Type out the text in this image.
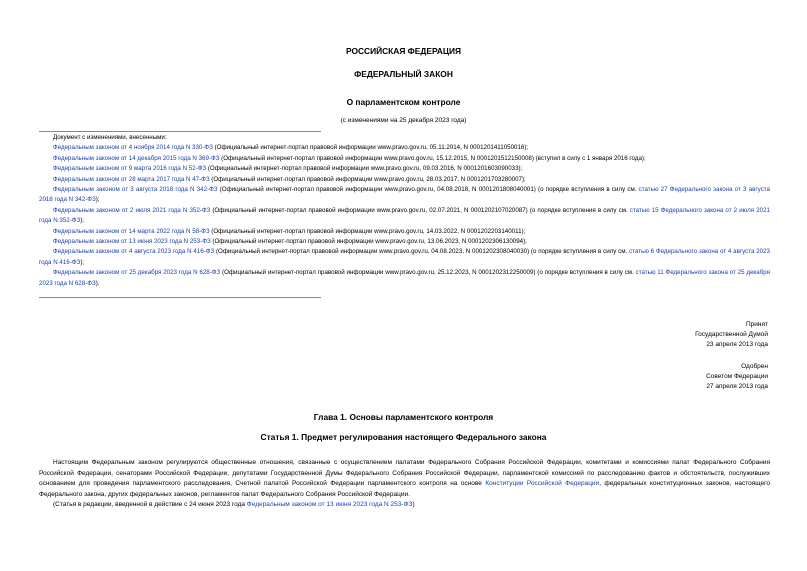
РОССИЙСКАЯ ФЕДЕРАЦИЯ
ФЕДЕРАЛЬНЫЙ ЗАКОН
О парламентском контроле
(с изменениями на 25 декабря 2023 года)
Документ с изменениями, внесенными:
Федеральным законом от 4 ноября 2014 года N 330-ФЗ (Официальный интернет-портал правовой информации www.pravo.gov.ru, 05.11.2014, N 0001201411050016);
Федеральным законом от 14 декабря 2015 года N 369-ФЗ (Официальный интернет-портал правовой информации www.pravo.gov.ru, 15.12.2015, N 0001201512150008) (вступил в силу с 1 января 2016 года);
Федеральным законом от 9 марта 2016 года N 52-ФЗ (Официальный интернет-портал правовой информации www.pravo.gov.ru, 09.03.2016, N 0001201603090033);
Федеральным законом от 28 марта 2017 года N 47-ФЗ (Официальный интернет-портал правовой информации www.pravo.gov.ru, 28.03.2017, N 0001201703280007);
Федеральным законом от 3 августа 2018 года N 342-ФЗ (Официальный интернет-портал правовой информации www.pravo.gov.ru, 04.08.2018, N 0001201808040001) (о порядке вступления в силу см. статью 27 Федерального закона от 3 августа 2018 года N 342-ФЗ);
Федеральным законом от 2 июля 2021 года N 352-ФЗ (Официальный интернет-портал правовой информации www.pravo.gov.ru, 02.07.2021, N 0001202107020087) (о порядке вступления в силу см. статью 15 Федерального закона от 2 июля 2021 года N 352-ФЗ);
Федеральным законом от 14 марта 2022 года N 58-ФЗ (Официальный интернет-портал правовой информации www.pravo.gov.ru, 14.03.2022, N 0001202203140011);
Федеральным законом от 13 июня 2023 года N 253-ФЗ (Официальный интернет-портал правовой информации www.pravo.gov.ru, 13.06.2023, N 0001202306130094);
Федеральным законом от 4 августа 2023 года N 416-ФЗ (Официальный интернет-портал правовой информации www.pravo.gov.ru, 04.08.2023, N 0001202308040030) (о порядке вступления в силу см. статью 6 Федерального закона от 4 августа 2023 года N 416-ФЗ);
Федеральным законом от 25 декабря 2023 года N 628-ФЗ (Официальный интернет-портал правовой информации www.pravo.gov.ru, 25.12.2023, N 0001202312250009) (о порядке вступления в силу см. статью 11 Федерального закона от 25 декабря 2023 года N 628-ФЗ).
Принят
Государственной Думой
23 апреля 2013 года
Одобрен
Советом Федерации
27 апреля 2013 года
Глава 1. Основы парламентского контроля
Статья 1. Предмет регулирования настоящего Федерального закона
Настоящим Федеральным законом регулируются общественные отношения, связанные с осуществлением палатами Федерального Собрания Российской Федерации, комитетами и комиссиями палат Федерального Собрания Российской Федерации, сенаторами Российской Федерации, депутатами Государственной Думы Федерального Собрания Российской Федерации, парламентской комиссией по расследованию фактов и обстоятельств, послуживших основанием для проведения парламентского расследования, Счетной палатой Российской Федерации парламентского контроля на основе Конституции Российской Федерации, федеральных конституционных законов, настоящего Федерального закона, других федеральных законов, регламентов палат Федерального Собрания Российской Федерации.
(Статья в редакции, введенной в действие с 24 июня 2023 года Федеральным законом от 13 июня 2023 года N 253-ФЗ)
